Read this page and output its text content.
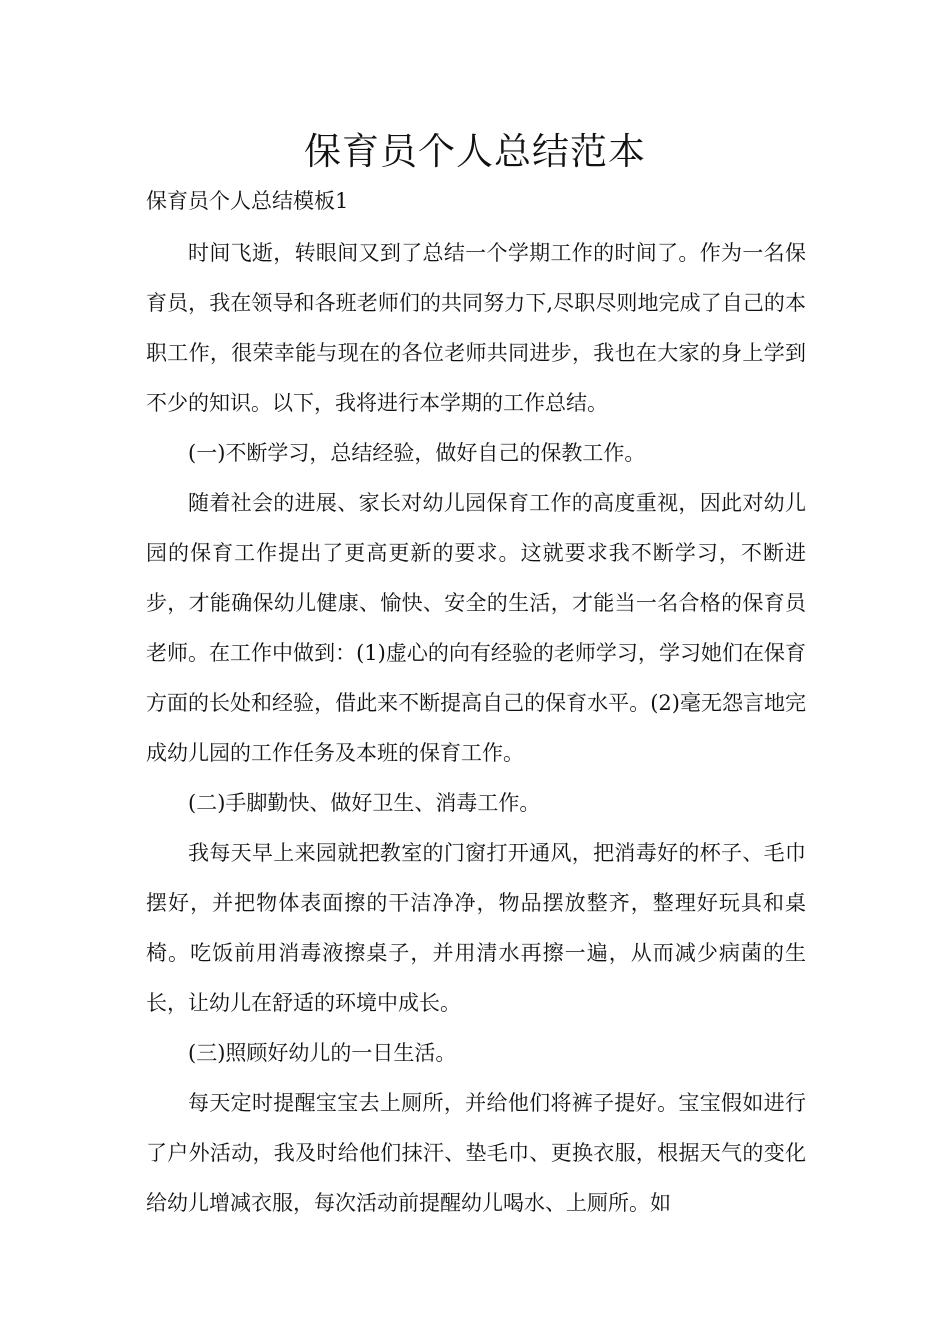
保育员个人总结范本

保育员个人总结模板1

时间飞逝，转眼间又到了总结一个学期工作的时间了。作为一名保育员，我在领导和各班老师们的共同努力下,尽职尽则地完成了自己的本职工作，很荣幸能与现在的各位老师共同进步，我也在大家的身上学到不少的知识。以下，我将进行本学期的工作总结。

(一)不断学习，总结经验，做好自己的保教工作。

随着社会的进展、家长对幼儿园保育工作的高度重视，因此对幼儿园的保育工作提出了更高更新的要求。这就要求我不断学习，不断进步，才能确保幼儿健康、愉快、安全的生活，才能当一名合格的保育员老师。在工作中做到：(1)虚心的向有经验的老师学习，学习她们在保育方面的长处和经验，借此来不断提高自己的保育水平。(2)毫无怨言地完成幼儿园的工作任务及本班的保育工作。

(二)手脚勤快、做好卫生、消毒工作。

我每天早上来园就把教室的门窗打开通风，把消毒好的杯子、毛巾摆好，并把物体表面擦的干洁净净，物品摆放整齐，整理好玩具和桌椅。吃饭前用消毒液擦桌子，并用清水再擦一遍，从而减少病菌的生长，让幼儿在舒适的环境中成长。

(三)照顾好幼儿的一日生活。

每天定时提醒宝宝去上厕所，并给他们将裤子提好。宝宝假如进行了户外活动，我及时给他们抹汗、垫毛巾、更换衣服，根据天气的变化给幼儿增减衣服，每次活动前提醒幼儿喝水、上厕所。如
